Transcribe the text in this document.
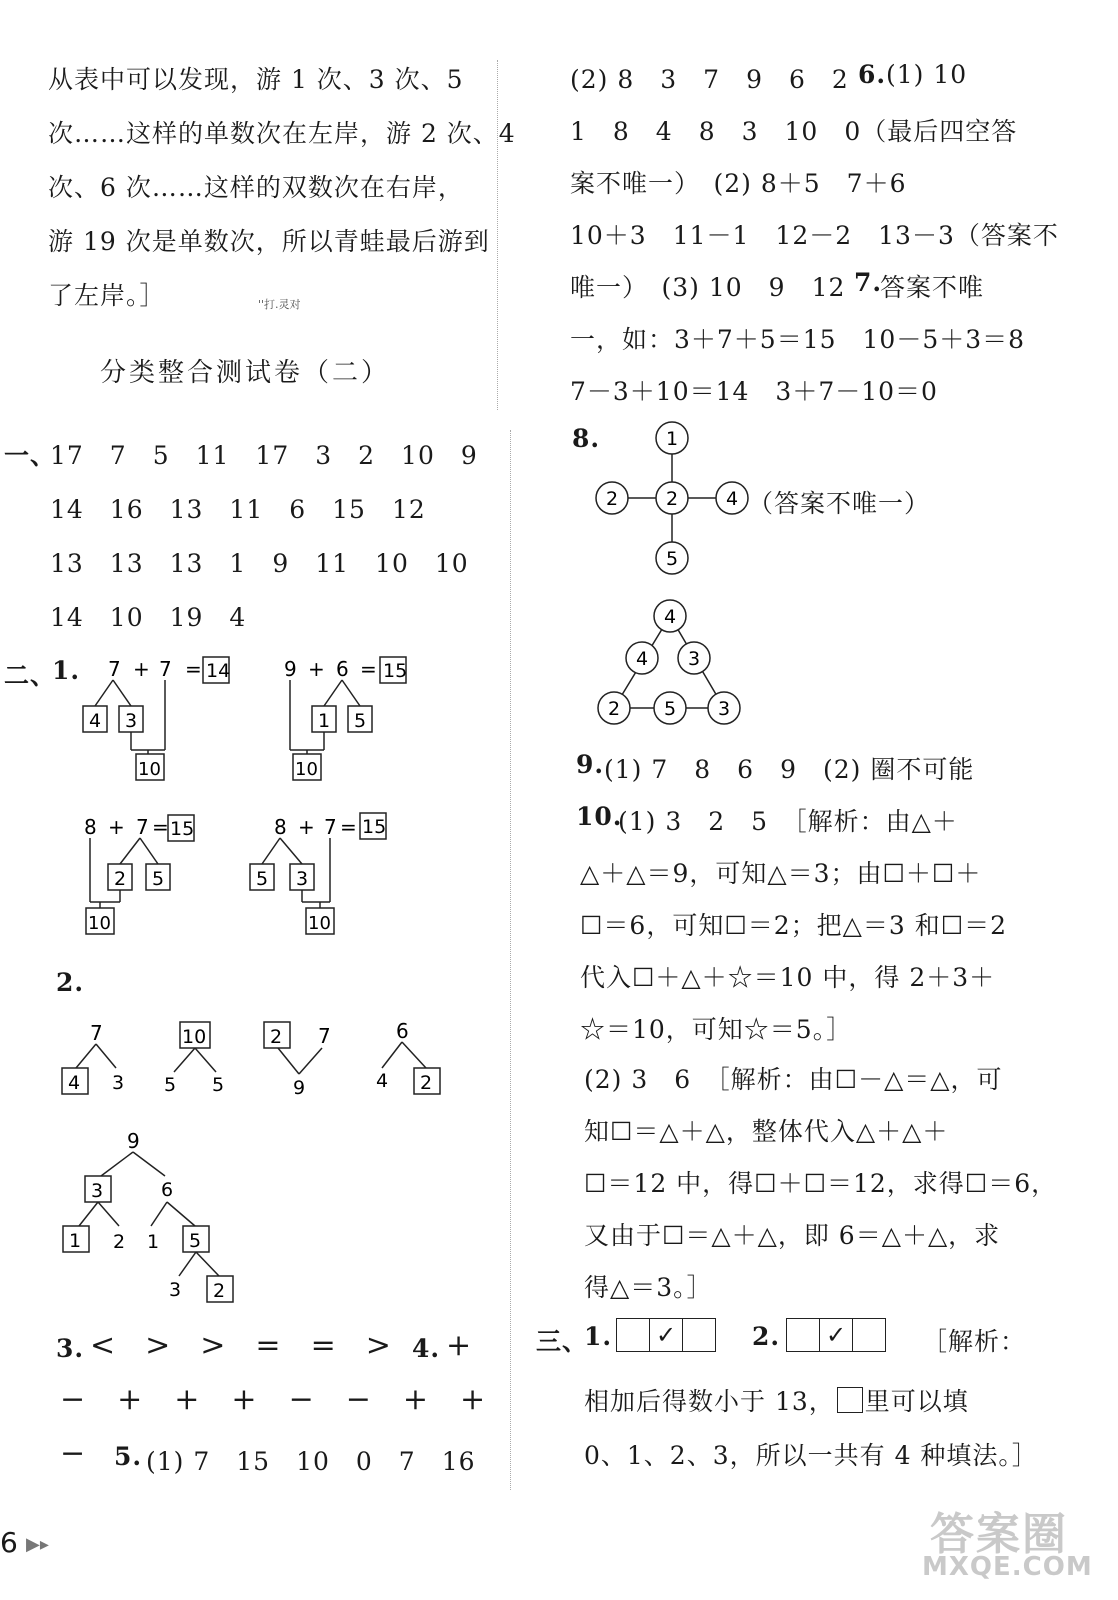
从表中可以发现，游 1 次、3 次、5
次……这样的单数次在左岸，游 2 次、4
次、6 次……这样的双数次在右岸，
游 19 次是单数次，所以青蛙最后游到
了左岸。］	''打.灵对
分类整合测试卷（二）
一、
17　7　5　11　17　3　2　10　9
14　16　13　11　6　15　12
13　13　13　1　9　11　10　10
14　10　19　4
二、
1. 7 + 7 = 14
4 3
10
9 + 6 = 15
1 5
10
8 + 7 = 15
2 5
10
8 + 7 = 15
5 3
10
2.
7
4 3
10
5 5
2 7
9
6
4 2
9
3	6
1 2 1 5
3 2
3. < > > = = > 4. +
− + + + − − + +
− 5. (1) 7　15　10　0　7　16
(2) 8　3　7　9　6　2 6. (1) 10
1　8　4　8　3　10　0（最后四空答
案不唯一）　(2) 8＋5　7＋6
10＋3　11－1　12－2　13－3（答案不
唯一）　(3) 10　9　12 7.
答案不唯
一，如：3＋7＋5＝15　10－5＋3＝8
7－3＋10＝14　3＋7－10＝0
8.	1
2	2	4
5
（答案不唯一）
4
4 3
2 5 3
9. (1) 7　8　6　9　(2) 圈不可能
10.
(1) 3　2　5　［解析：由△＋
△＋△＝9，可知△＝3；由☐＋☐＋
☐＝6，可知☐＝2；把△＝3 和☐＝2
代入☐＋△＋☆＝10 中，得 2＋3＋
☆＝10，可知☆＝5。］
(2) 3　6　［解析：由☐－△＝△，可
知☐＝△＋△，整体代入△＋△＋
☐＝12 中，得☐＋☐＝12，求得☐＝6，
又由于☐＝△＋△，即 6＝△＋△，求
得△＝3。］
三、
1.	✓	2.	✓	［解析：
相加后得数小于 13， 里可以填
0、1、2、3，所以一共有 4 种填法。］
6 ▶▸	答案圈
MXQE.COM
